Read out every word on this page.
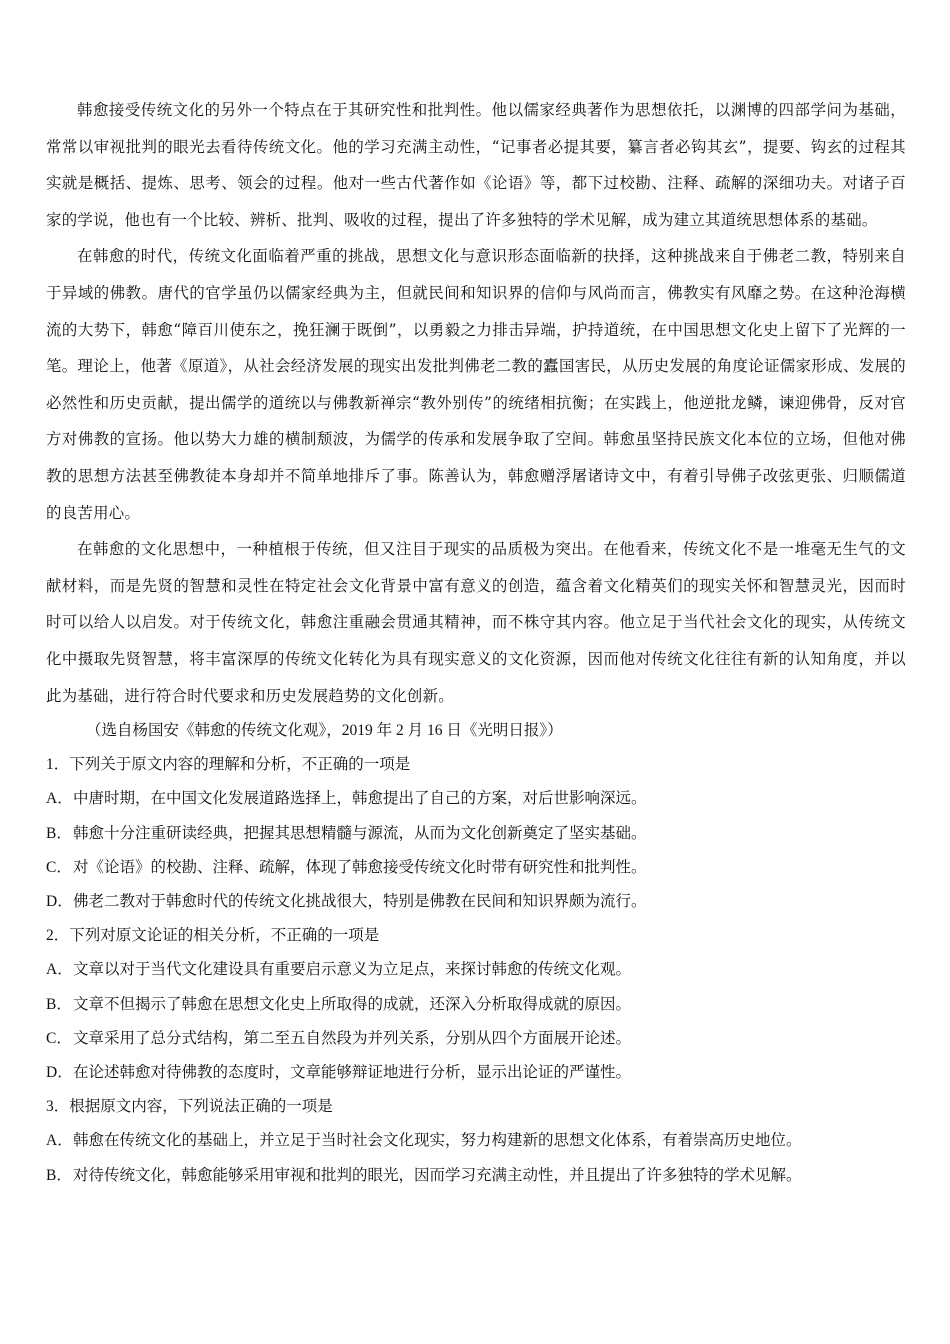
韩愈接受传统文化的另外一个特点在于其研究性和批判性。他以儒家经典著作为思想依托，以渊博的四部学问为基础，常常以审视批判的眼光去看待传统文化。他的学习充满主动性，“记事者必提其要，纂言者必钩其玄”，提要、钩玄的过程其实就是概括、提炼、思考、领会的过程。他对一些古代著作如《论语》等，都下过校勘、注释、疏解的深细功夫。对诸子百家的学说，他也有一个比较、辨析、批判、吸收的过程，提出了许多独特的学术见解，成为建立其道统思想体系的基础。

在韩愈的时代，传统文化面临着严重的挑战，思想文化与意识形态面临新的抉择，这种挑战来自于佛老二教，特别来自于异域的佛教。唐代的官学虽仍以儒家经典为主，但就民间和知识界的信仰与风尚而言，佛教实有风靡之势。在这种沧海横流的大势下，韩愈“障百川使东之，挽狂澜于既倒”，以勇毅之力排击异端，护持道统，在中国思想文化史上留下了光辉的一笔。理论上，他著《原道》，从社会经济发展的现实出发批判佛老二教的蠹国害民，从历史发展的角度论证儒家形成、发展的必然性和历史贡献，提出儒学的道统以与佛教新禅宗“教外别传”的统绪相抗衡；在实践上，他逆批龙鳞，谏迎佛骨，反对官方对佛教的宣扬。他以势大力雄的横制颓波，为儒学的传承和发展争取了空间。韩愈虽坚持民族文化本位的立场，但他对佛教的思想方法甚至佛教徒本身却并不简单地排斥了事。陈善认为，韩愈赠浮屠诸诗文中，有着引导佛子改弦更张、归顺儒道的良苦用心。

在韩愈的文化思想中，一种植根于传统，但又注目于现实的品质极为突出。在他看来，传统文化不是一堆毫无生气的文献材料，而是先贤的智慧和灵性在特定社会文化背景中富有意义的创造，蕴含着文化精英们的现实关怀和智慧灵光，因而时时可以给人以启发。对于传统文化，韩愈注重融会贯通其精神，而不株守其内容。他立足于当代社会文化的现实，从传统文化中摄取先贤智慧，将丰富深厚的传统文化转化为具有现实意义的文化资源，因而他对传统文化往往有新的认知角度，并以此为基础，进行符合时代要求和历史发展趋势的文化创新。

（选自杨国安《韩愈的传统文化观》，2019 年 2 月 16 日《光明日报》）

1．下列关于原文内容的理解和分析，不正确的一项是

A．中唐时期，在中国文化发展道路选择上，韩愈提出了自己的方案，对后世影响深远。

B．韩愈十分注重研读经典，把握其思想精髓与源流，从而为文化创新奠定了坚实基础。

C．对《论语》的校勘、注释、疏解，体现了韩愈接受传统文化时带有研究性和批判性。

D．佛老二教对于韩愈时代的传统文化挑战很大，特别是佛教在民间和知识界颇为流行。

2．下列对原文论证的相关分析，不正确的一项是

A．文章以对于当代文化建设具有重要启示意义为立足点，来探讨韩愈的传统文化观。

B．文章不但揭示了韩愈在思想文化史上所取得的成就，还深入分析取得成就的原因。

C．文章采用了总分式结构，第二至五自然段为并列关系，分别从四个方面展开论述。

D．在论述韩愈对待佛教的态度时，文章能够辩证地进行分析，显示出论证的严谨性。

3．根据原文内容，下列说法正确的一项是

A．韩愈在传统文化的基础上，并立足于当时社会文化现实，努力构建新的思想文化体系，有着崇高历史地位。

B．对待传统文化，韩愈能够采用审视和批判的眼光，因而学习充满主动性，并且提出了许多独特的学术见解。
